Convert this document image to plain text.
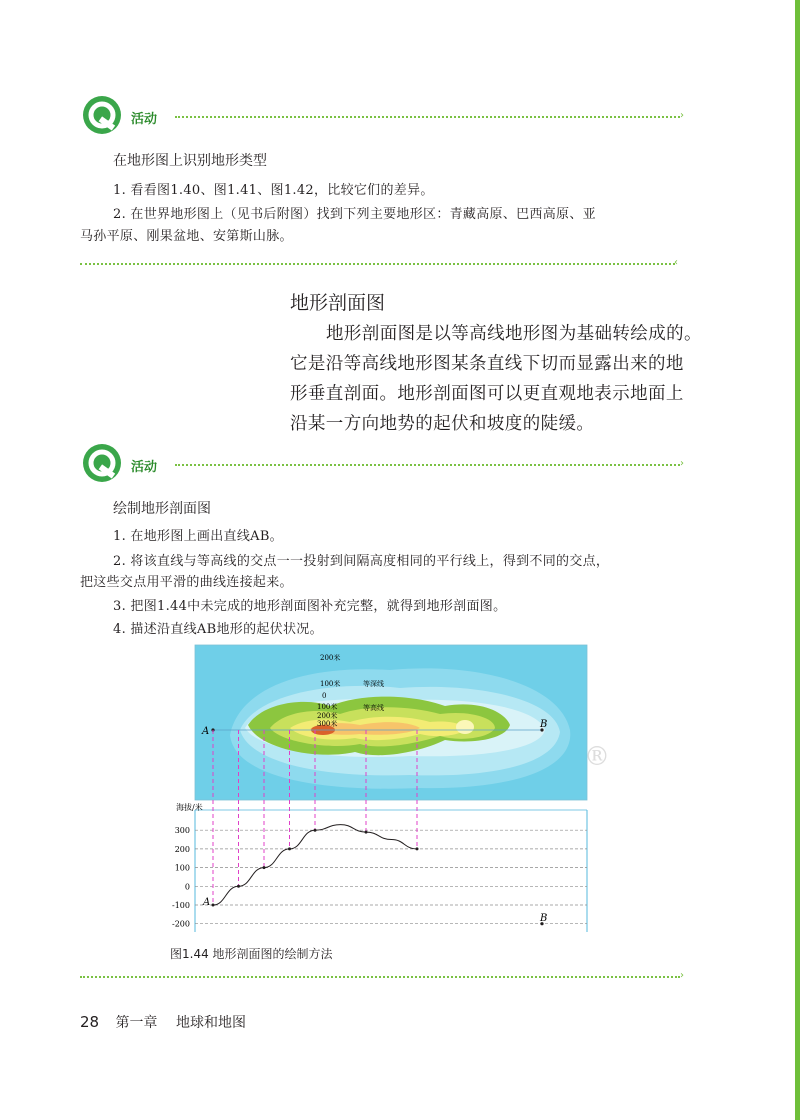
活动	›
在地形图上识别地形类型
1. 看看图1.40、图1.41、图1.42，比较它们的差异。
2. 在世界地形图上（见书后附图）找到下列主要地形区：青藏高原、巴西高原、亚
马孙平原、刚果盆地、安第斯山脉。
‹
地形剖面图
地形剖面图是以等高线地形图为基础转绘成的。
它是沿等高线地形图某条直线下切而显露出来的地
形垂直剖面。地形剖面图可以更直观地表示地面上
沿某一方向地势的起伏和坡度的陡缓。
活动	›
绘制地形剖面图
1. 在地形图上画出直线AB。
2. 将该直线与等高线的交点一一投射到间隔高度相同的平行线上，得到不同的交点，
把这些交点用平滑的曲线连接起来。
3. 把图1.44中未完成的地形剖面图补充完整，就得到地形剖面图。
4. 描述沿直线AB地形的起伏状况。
200米
100米	等深线
0
100米	等高线
200米
300米
A
B
®
海拔/米
300
200
100
0
-100
-200
A
B
图1.44 地形剖面图的绘制方法
›
28 第一章 地球和地图
